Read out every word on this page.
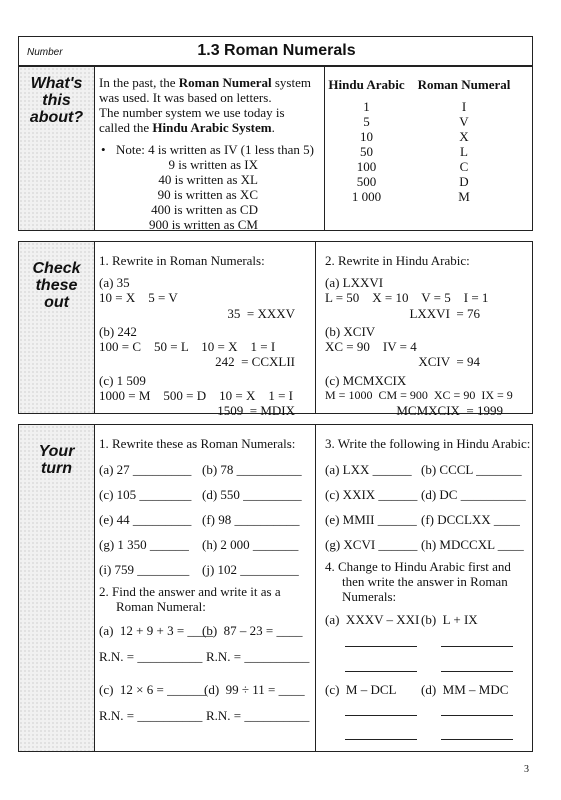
Number	1.3 Roman Numerals
What's
this
about?
In the past, the Roman Numeral system
was used. It was based on letters.
The number system we use today is
called the Hindu Arabic System.
• Note: 4 is written as IV (1 less than 5)
9 is written as IX
40 is written as XL
90 is written as XC
400 is written as CD
900 is written as CM
Hindu Arabic Roman Numeral
1	I
5	V
10	X
50	L
100	C
500	D
1 000	M
Check
these
out
1. Rewrite in Roman Numerals:
(a) 35
10 = X    5 = V
35  = XXXV
(b) 242
100 = C    50 = L    10 = X    1 = I
242  = CCXLII
(c) 1 509
1000 = M    500 = D    10 = X    1 = I
1509  = MDIX
2. Rewrite in Hindu Arabic:
(a) LXXVI
L = 50    X = 10    V = 5    I = 1
LXXVI  = 76
(b) XCIV
XC = 90    IV = 4
XCIV  = 94
(c) MCMXCIX
M = 1000  CM = 900  XC = 90  IX = 9
MCMXCIX  = 1999
Your
turn
1. Rewrite these as Roman Numerals:
(a) 27 _________ (b) 78 __________
(c) 105 ________ (d) 550 _________
(e) 44 _________ (f) 98 __________
(g) 1 350 ______ (h) 2 000 _______
(i) 759 ________ (j) 102 _________
2. Find the answer and write it as a
Roman Numeral:
(a)  12 + 9 + 3 = ____
(b)  87 – 23 = ____
R.N. = __________ R.N. = __________
(c)  12 × 6 = ______
(d)  99 ÷ 11 = ____
R.N. = __________ R.N. = __________
3. Write the following in Hindu Arabic:
(a) LXX ______ (b) CCCL _______
(c) XXIX ______ (d) DC __________
(e) MMII ______ (f) DCCLXX ____
(g) XCVI ______ (h) MDCCXL ____
4. Change to Hindu Arabic first and
then write the answer in Roman
Numerals:
(a)  XXXV – XXI (b)  L + IX
(c)  M – DCL (d)  MM – MDC
3
